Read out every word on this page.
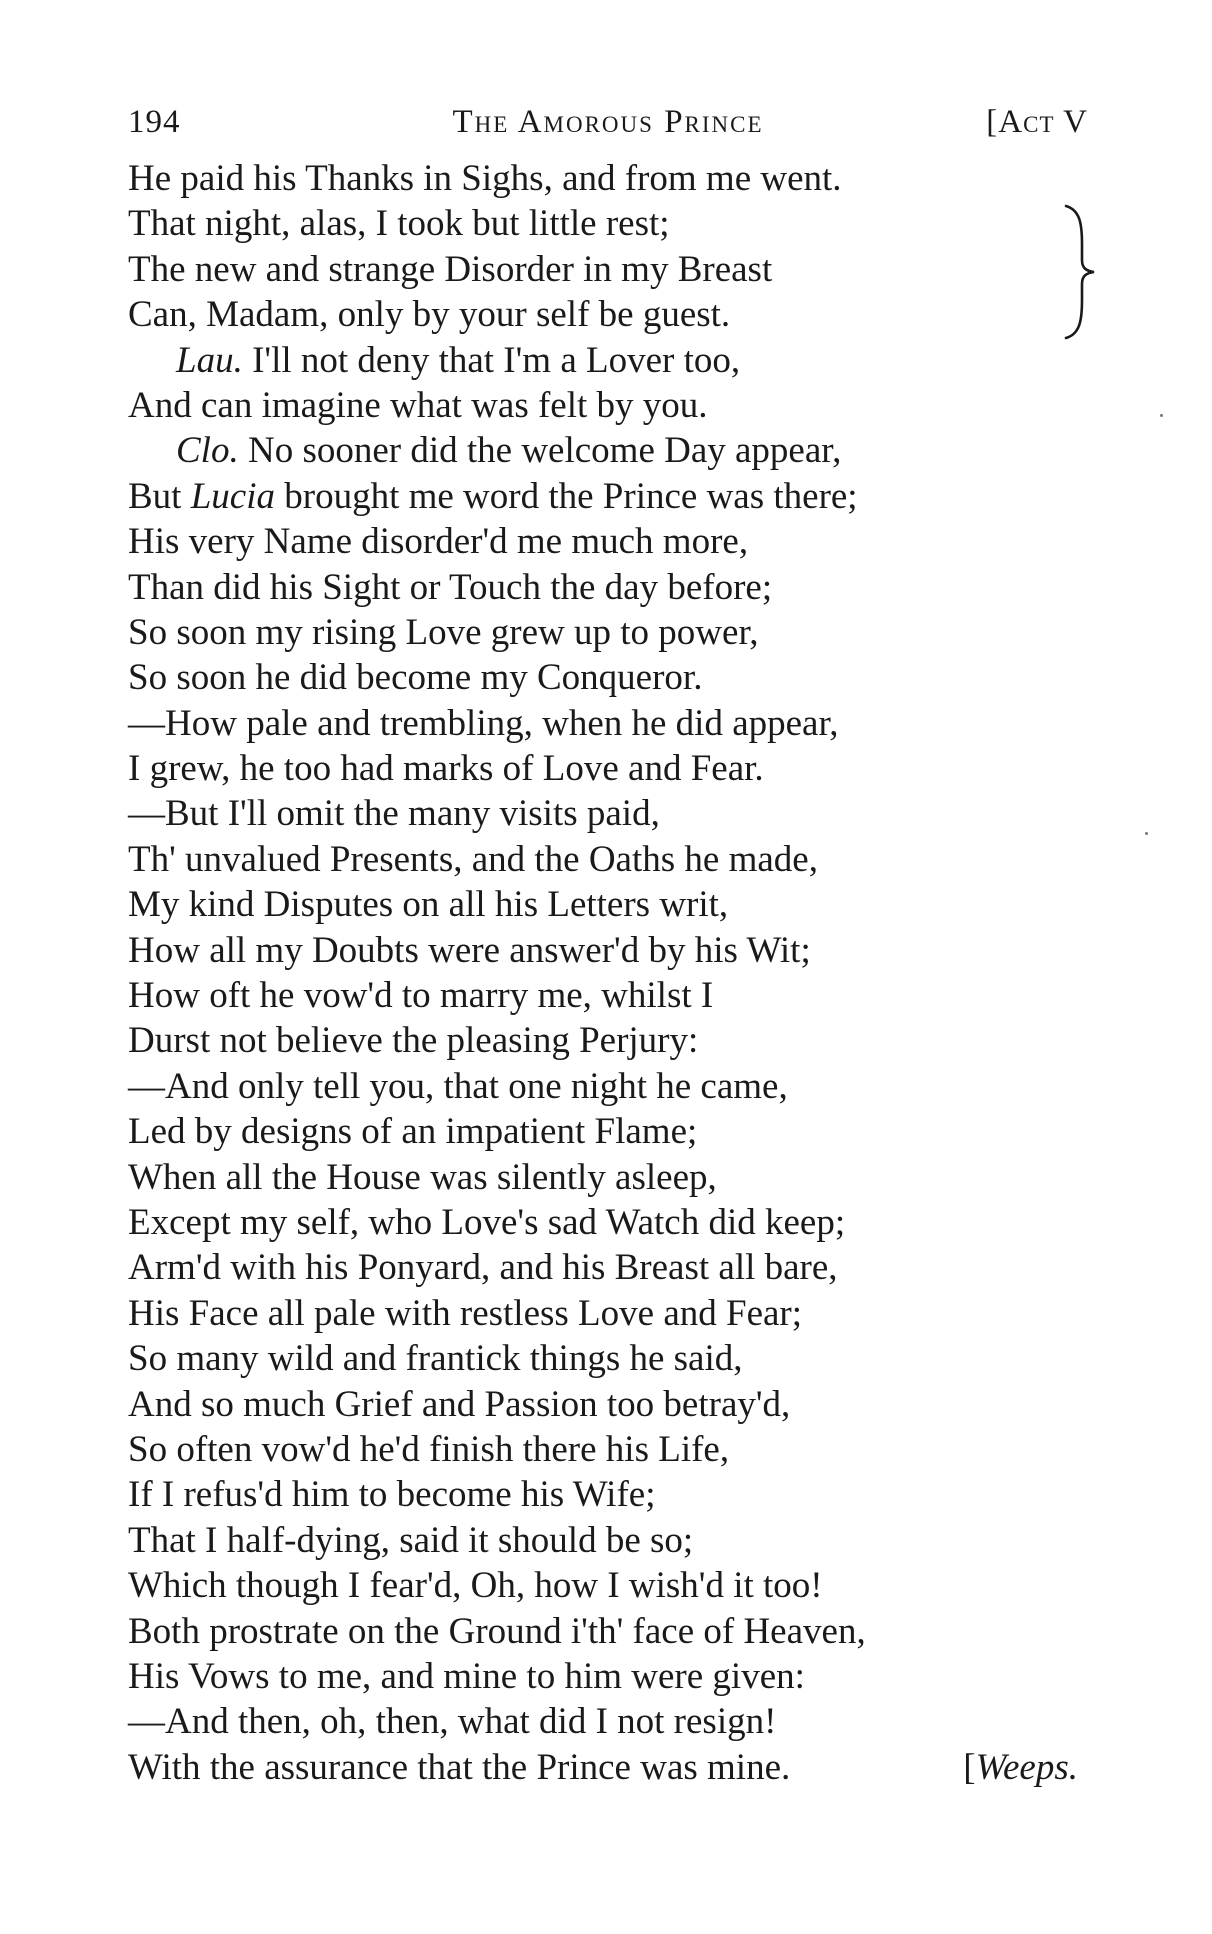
194	The Amorous Prince	[Act V
He paid his Thanks in Sighs, and from me went.
That night, alas, I took but little rest;
The new and strange Disorder in my Breast
Can, Madam, only by your self be guest.
Lau. I'll not deny that I'm a Lover too,
And can imagine what was felt by you.
Clo. No sooner did the welcome Day appear,
But Lucia brought me word the Prince was there;
His very Name disorder'd me much more,
Than did his Sight or Touch the day before;
So soon my rising Love grew up to power,
So soon he did become my Conqueror.
—How pale and trembling, when he did appear,
I grew, he too had marks of Love and Fear.
—But I'll omit the many visits paid,
Th' unvalued Presents, and the Oaths he made,
My kind Disputes on all his Letters writ,
How all my Doubts were answer'd by his Wit;
How oft he vow'd to marry me, whilst I
Durst not believe the pleasing Perjury:
—And only tell you, that one night he came,
Led by designs of an impatient Flame;
When all the House was silently asleep,
Except my self, who Love's sad Watch did keep;
Arm'd with his Ponyard, and his Breast all bare,
His Face all pale with restless Love and Fear;
So many wild and frantick things he said,
And so much Grief and Passion too betray'd,
So often vow'd he'd finish there his Life,
If I refus'd him to become his Wife;
That I half-dying, said it should be so;
Which though I fear'd, Oh, how I wish'd it too!
Both prostrate on the Ground i'th' face of Heaven,
His Vows to me, and mine to him were given:
—And then, oh, then, what did I not resign!
With the assurance that the Prince was mine.	[Weeps.
